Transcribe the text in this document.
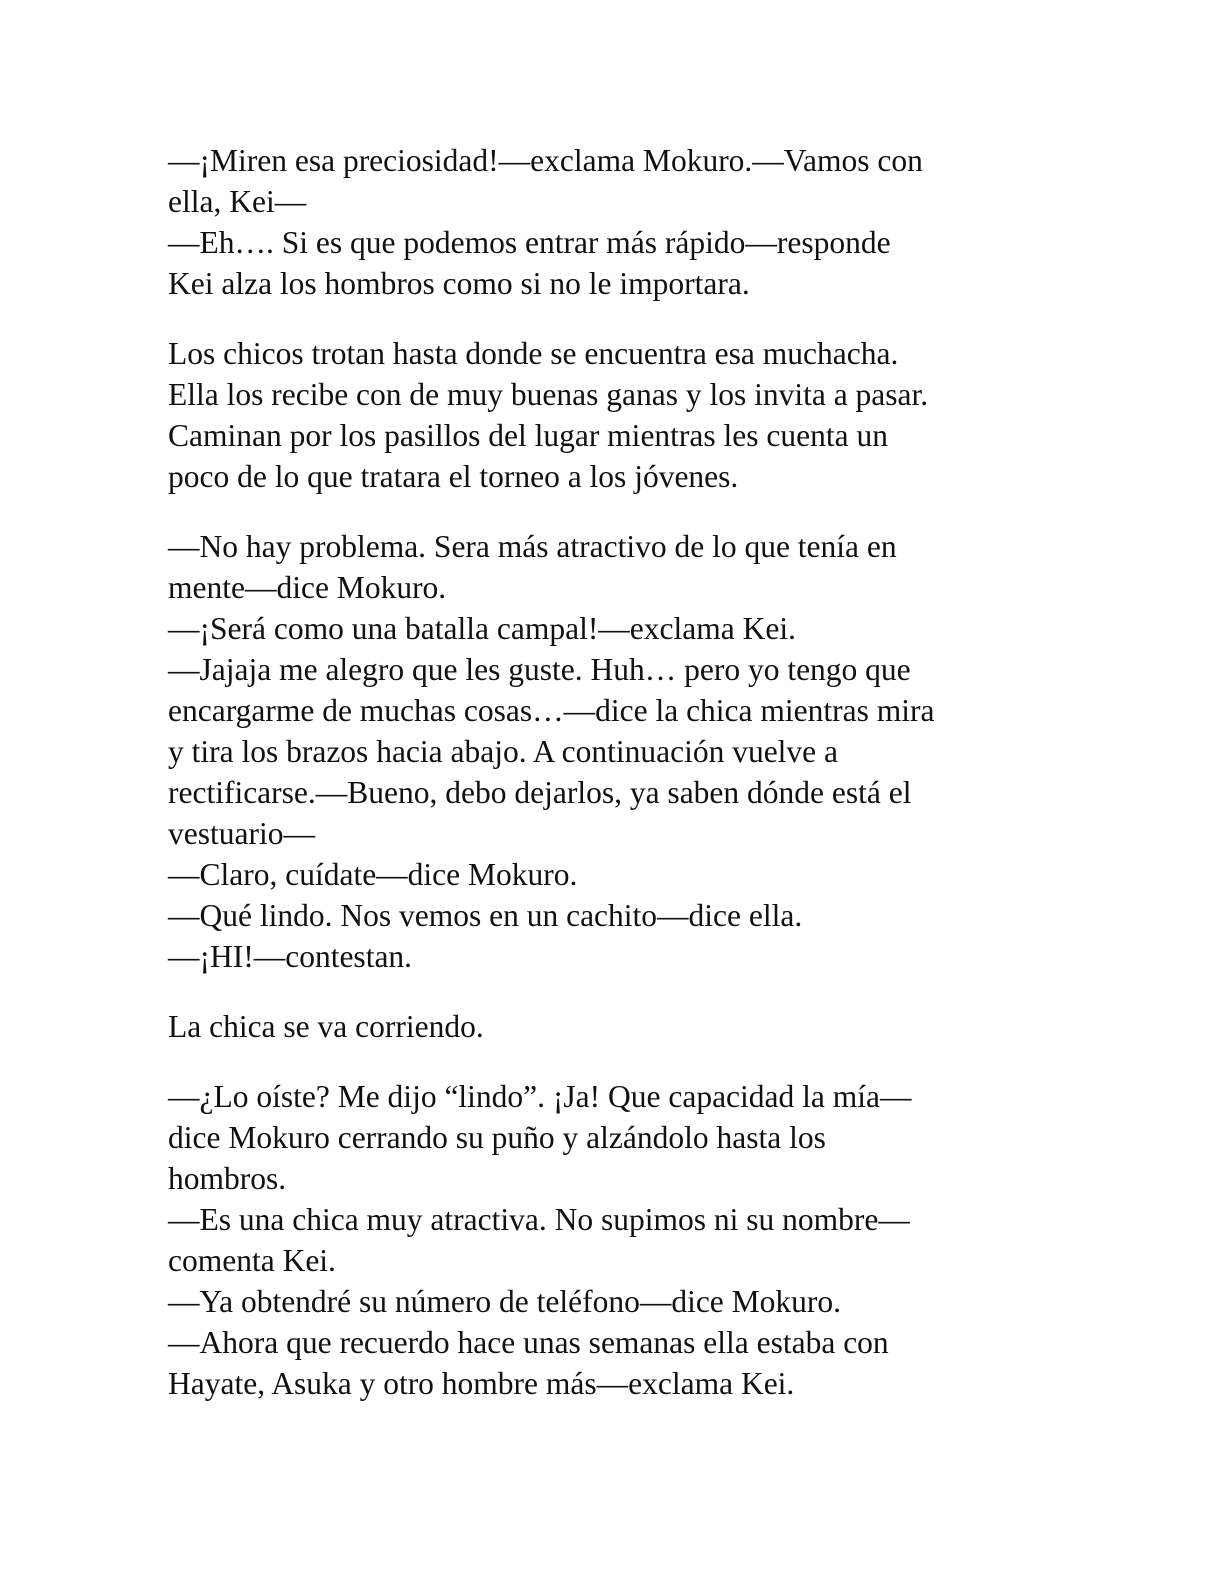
—¡Miren esa preciosidad!—exclama Mokuro.—Vamos con
ella, Kei—
—Eh…. Si es que podemos entrar más rápido—responde
Kei alza los hombros como si no le importara.

Los chicos trotan hasta donde se encuentra esa muchacha.
Ella los recibe con de muy buenas ganas y los invita a pasar.
Caminan por los pasillos del lugar mientras les cuenta un
poco de lo que tratara el torneo a los jóvenes.

—No hay problema. Sera más atractivo de lo que tenía en
mente—dice Mokuro.
—¡Será como una batalla campal!—exclama Kei.
—Jajaja me alegro que les guste. Huh… pero yo tengo que
encargarme de muchas cosas…—dice la chica mientras mira
y tira los brazos hacia abajo. A continuación vuelve a
rectificarse.—Bueno, debo dejarlos, ya saben dónde está el
vestuario—
—Claro, cuídate—dice Mokuro.
—Qué lindo. Nos vemos en un cachito—dice ella.
—¡HI!—contestan.

La chica se va corriendo.

—¿Lo oíste? Me dijo “lindo”. ¡Ja! Que capacidad la mía—
dice Mokuro cerrando su puño y alzándolo hasta los
hombros.
—Es una chica muy atractiva. No supimos ni su nombre—
comenta Kei.
—Ya obtendré su número de teléfono—dice Mokuro.
—Ahora que recuerdo hace unas semanas ella estaba con
Hayate, Asuka y otro hombre más—exclama Kei.
